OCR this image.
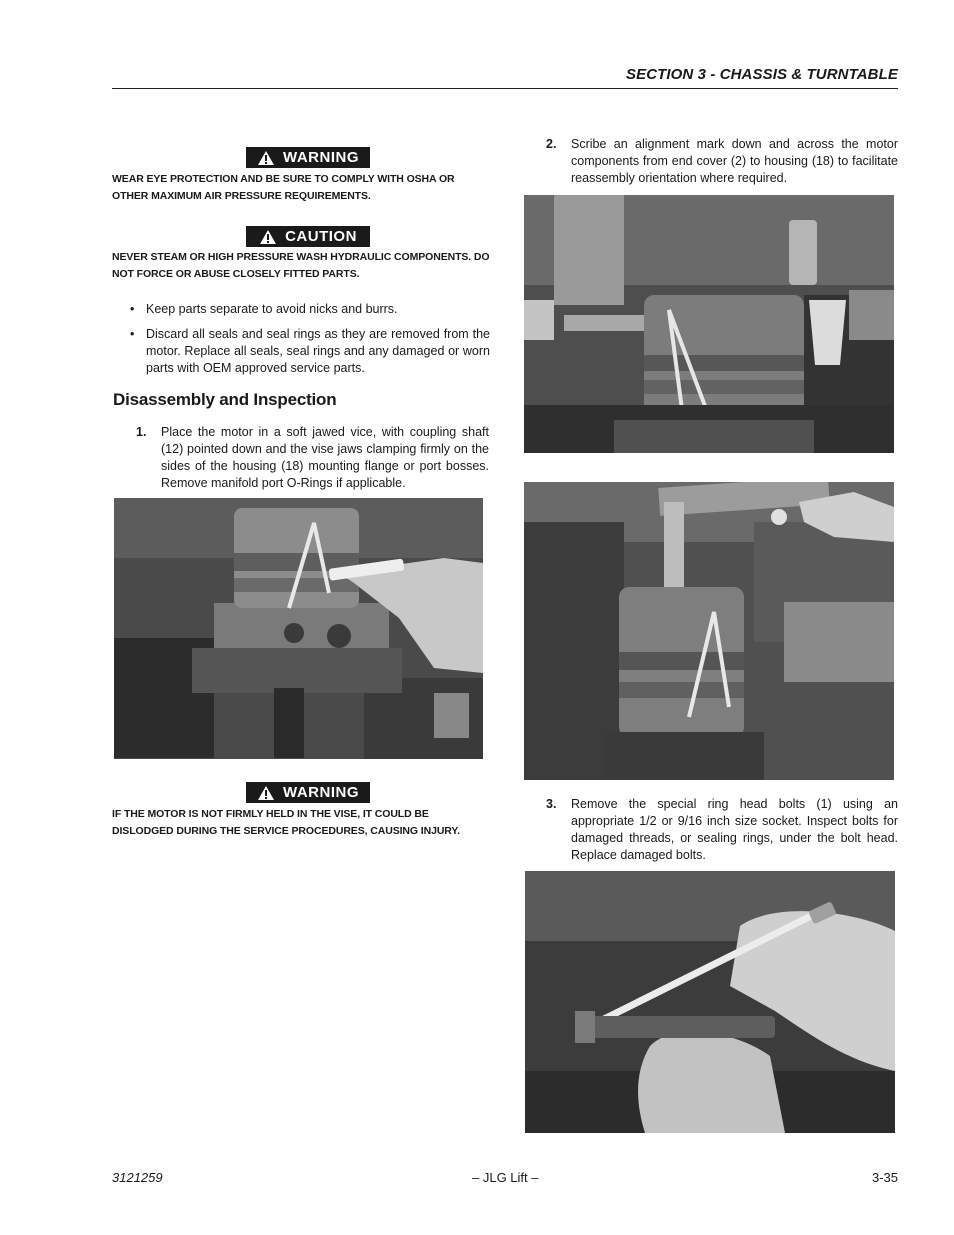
SECTION 3 - CHASSIS & TURNTABLE
WARNING
WEAR EYE PROTECTION AND BE SURE TO COMPLY WITH OSHA OR OTHER MAXIMUM AIR PRESSURE REQUIREMENTS.
CAUTION
NEVER STEAM OR HIGH PRESSURE WASH HYDRAULIC COMPONENTS. DO NOT FORCE OR ABUSE CLOSELY FITTED PARTS.
• Keep parts separate to avoid nicks and burrs.
• Discard all seals and seal rings as they are removed from the motor. Replace all seals, seal rings and any damaged or worn parts with OEM approved service parts.
Disassembly and Inspection
1. Place the motor in a soft jawed vice, with coupling shaft (12) pointed down and the vise jaws clamping firmly on the sides of the housing (18) mounting flange or port bosses. Remove manifold port O-Rings if applicable.
WARNING
IF THE MOTOR IS NOT FIRMLY HELD IN THE VISE, IT COULD BE DISLODGED DURING THE SERVICE PROCEDURES, CAUSING INJURY.
2. Scribe an alignment mark down and across the motor components from end cover (2) to housing (18) to facilitate reassembly orientation where required.
3. Remove the special ring head bolts (1) using an appropriate 1/2 or 9/16 inch size socket. Inspect bolts for damaged threads, or sealing rings, under the bolt head. Replace damaged bolts.
3121259	– JLG Lift –	3-35
